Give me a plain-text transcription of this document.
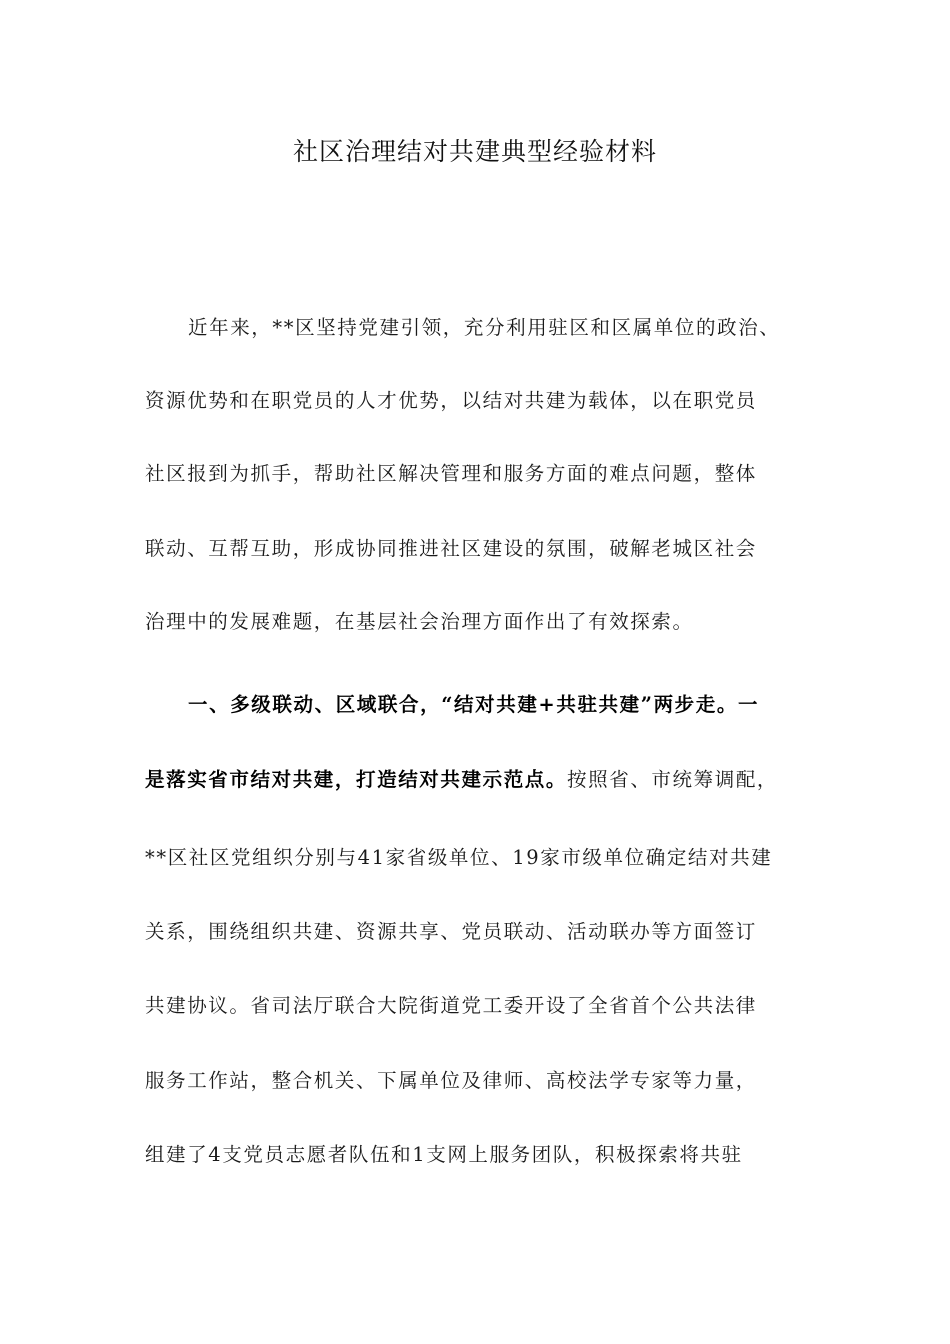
社区治理结对共建典型经验材料
近年来，**区坚持党建引领，充分利用驻区和区属单位的政治、
资源优势和在职党员的人才优势，以结对共建为载体，以在职党员
社区报到为抓手，帮助社区解决管理和服务方面的难点问题，整体
联动、互帮互助，形成协同推进社区建设的氛围，破解老城区社会
治理中的发展难题，在基层社会治理方面作出了有效探索。
一、多级联动、区域联合，“结对共建+共驻共建”两步走。一
是落实省市结对共建，打造结对共建示范点。按照省、市统筹调配，
**区社区党组织分别与41家省级单位、19家市级单位确定结对共建
关系，围绕组织共建、资源共享、党员联动、活动联办等方面签订
共建协议。省司法厅联合大院街道党工委开设了全省首个公共法律
服务工作站，整合机关、下属单位及律师、高校法学专家等力量，
组建了4支党员志愿者队伍和1支网上服务团队，积极探索将共驻
